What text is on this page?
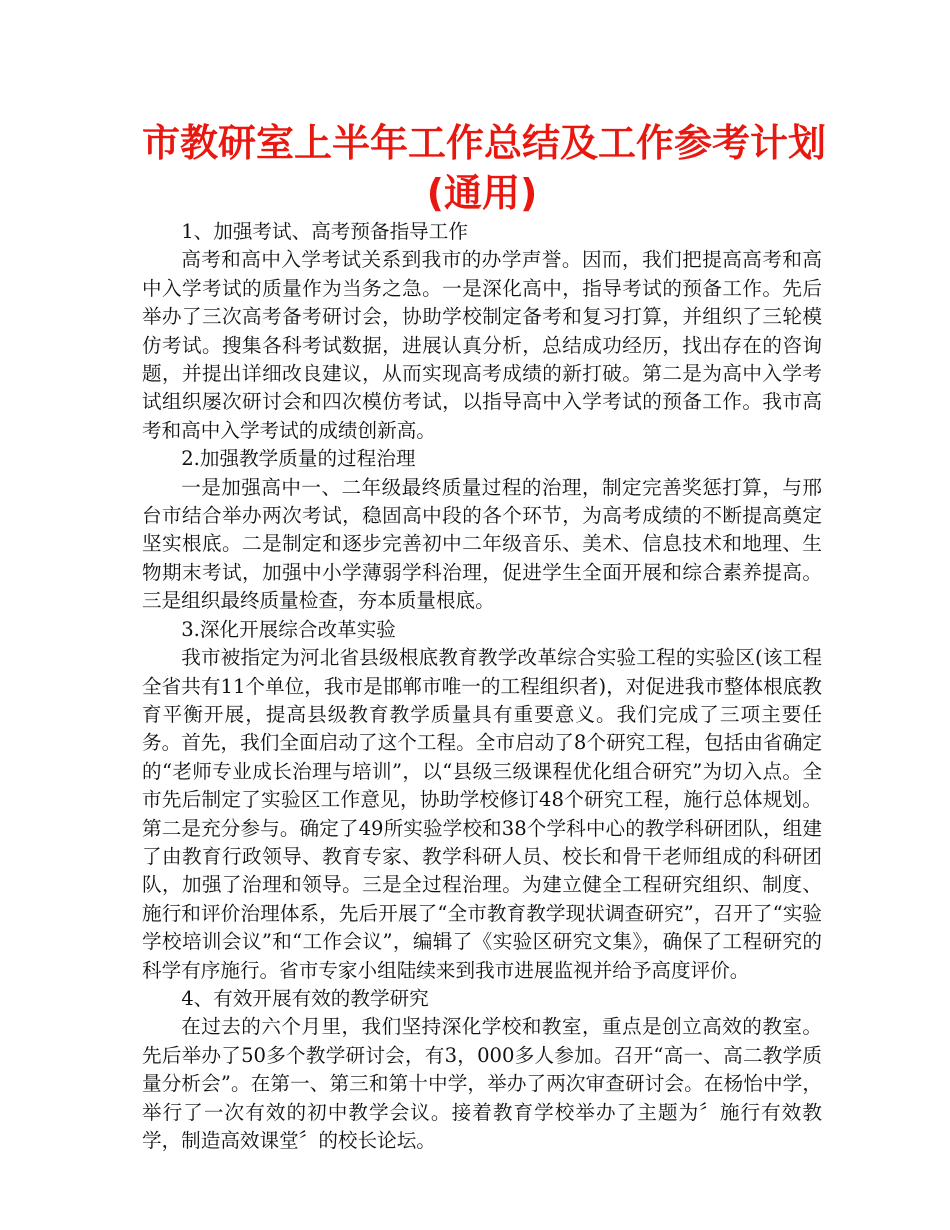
市教研室上半年工作总结及工作参考计划
(通用)

1、加强考试、高考预备指导工作

高考和高中入学考试关系到我市的办学声誉。因而，我们把提高高考和高中入学考试的质量作为当务之急。一是深化高中，指导考试的预备工作。先后举办了三次高考备考研讨会，协助学校制定备考和复习打算，并组织了三轮模仿考试。搜集各科考试数据，进展认真分析，总结成功经历，找出存在的咨询题，并提出详细改良建议，从而实现高考成绩的新打破。第二是为高中入学考试组织屡次研讨会和四次模仿考试，以指导高中入学考试的预备工作。我市高考和高中入学考试的成绩创新高。

2.加强教学质量的过程治理

一是加强高中一、二年级最终质量过程的治理，制定完善奖惩打算，与邢台市结合举办两次考试，稳固高中段的各个环节，为高考成绩的不断提高奠定坚实根底。二是制定和逐步完善初中二年级音乐、美术、信息技术和地理、生物期末考试，加强中小学薄弱学科治理，促进学生全面开展和综合素养提高。三是组织最终质量检查，夯本质量根底。

3.深化开展综合改革实验

我市被指定为河北省县级根底教育教学改革综合实验工程的实验区(该工程全省共有11个单位，我市是邯郸市唯一的工程组织者)，对促进我市整体根底教育平衡开展，提高县级教育教学质量具有重要意义。我们完成了三项主要任务。首先，我们全面启动了这个工程。全市启动了8个研究工程，包括由省确定的“老师专业成长治理与培训”，以“县级三级课程优化组合研究”为切入点。全市先后制定了实验区工作意见，协助学校修订48个研究工程，施行总体规划。第二是充分参与。确定了49所实验学校和38个学科中心的教学科研团队，组建了由教育行政领导、教育专家、教学科研人员、校长和骨干老师组成的科研团队，加强了治理和领导。三是全过程治理。为建立健全工程研究组织、制度、施行和评价治理体系，先后开展了“全市教育教学现状调查研究”，召开了“实验学校培训会议”和“工作会议”，编辑了《实验区研究文集》，确保了工程研究的科学有序施行。省市专家小组陆续来到我市进展监视并给予高度评价。

4、有效开展有效的教学研究

在过去的六个月里，我们坚持深化学校和教室，重点是创立高效的教室。先后举办了50多个教学研讨会，有3，000多人参加。召开“高一、高二教学质量分析会”。在第一、第三和第十中学，举办了两次审查研讨会。在杨怡中学，举行了一次有效的初中教学会议。接着教育学校举办了主题为〞施行有效教学，制造高效课堂〞的校长论坛。
